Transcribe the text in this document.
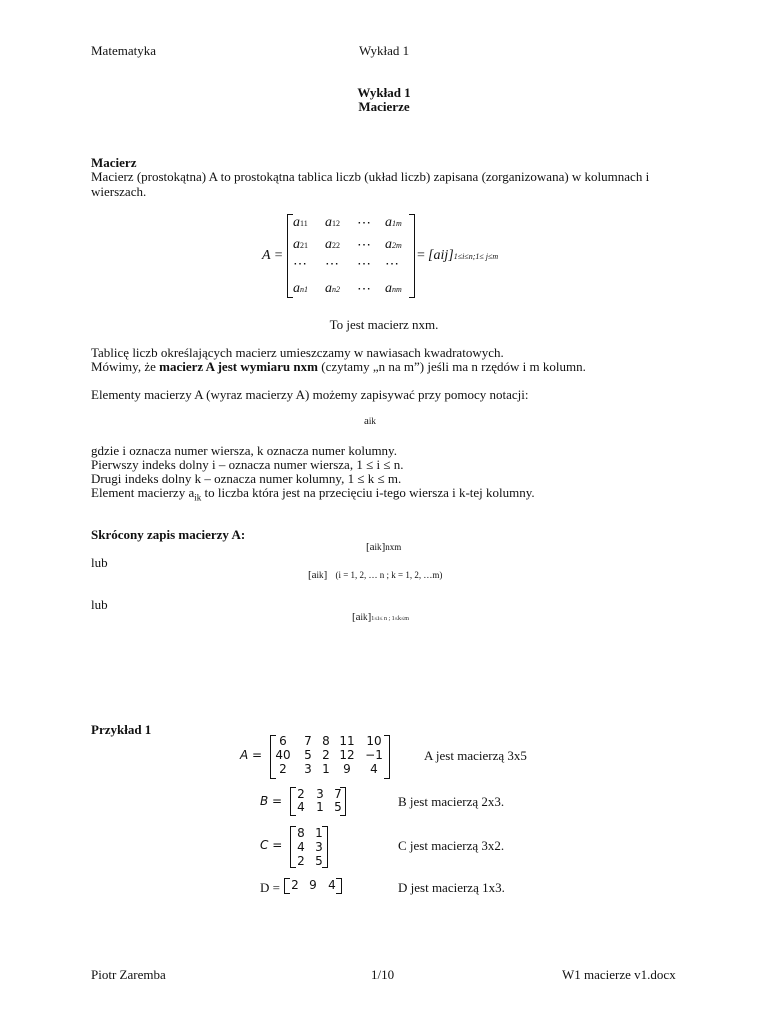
Matematyka	Wykład 1
Wykład 1
Macierze
Macierz
Macierz (prostokątna) A to prostokątna tablica liczb (układ liczb) zapisana (zorganizowana) w kolumnach i
wierszach.
A =
a11 a12 ⋯ a1m
a21 a22 ⋯ a2m
⋯ ⋯ ⋯ ⋯
an1 an2 ⋯ anm
= [aij]1≤i≤n;1≤ j≤m
To jest macierz nxm.
Tablicę liczb określających macierz umieszczamy w nawiasach kwadratowych.
Mówimy, że macierz A jest wymiaru nxm (czytamy „n na m”) jeśli ma n rzędów i m kolumn.
Elementy macierzy A (wyraz macierzy A) możemy zapisywać przy pomocy notacji:
aik
gdzie i oznacza numer wiersza, k oznacza numer kolumny.
Pierwszy indeks dolny i – oznacza numer wiersza, 1 ≤ i ≤ n.
Drugi indeks dolny k – oznacza numer kolumny, 1 ≤ k ≤ m.
Element macierzy $a_{ik}$ to liczba która jest na przecięciu i-tego wiersza i k-tej kolumny.
Skrócony zapis macierzy A:
[aik]nxm
lub
[aik]   (i = 1, 2, … n ; k = 1, 2, …m)
lub
[aik]1≤i≤ n ; 1≤k≤m
Przykład 1
A =
6	7 8 11 10
40	5 2 12 −1
2	3 1	9	4
A jest macierzą 3x5
B =	2 3 7
4 1 5	B jest macierzą 2x3.
C =
8 1
4 3
2 5
C jest macierzą 3x2.
D = 2 9 4	D jest macierzą 1x3.
Piotr Zaremba	1/10	W1 macierze v1.docx
